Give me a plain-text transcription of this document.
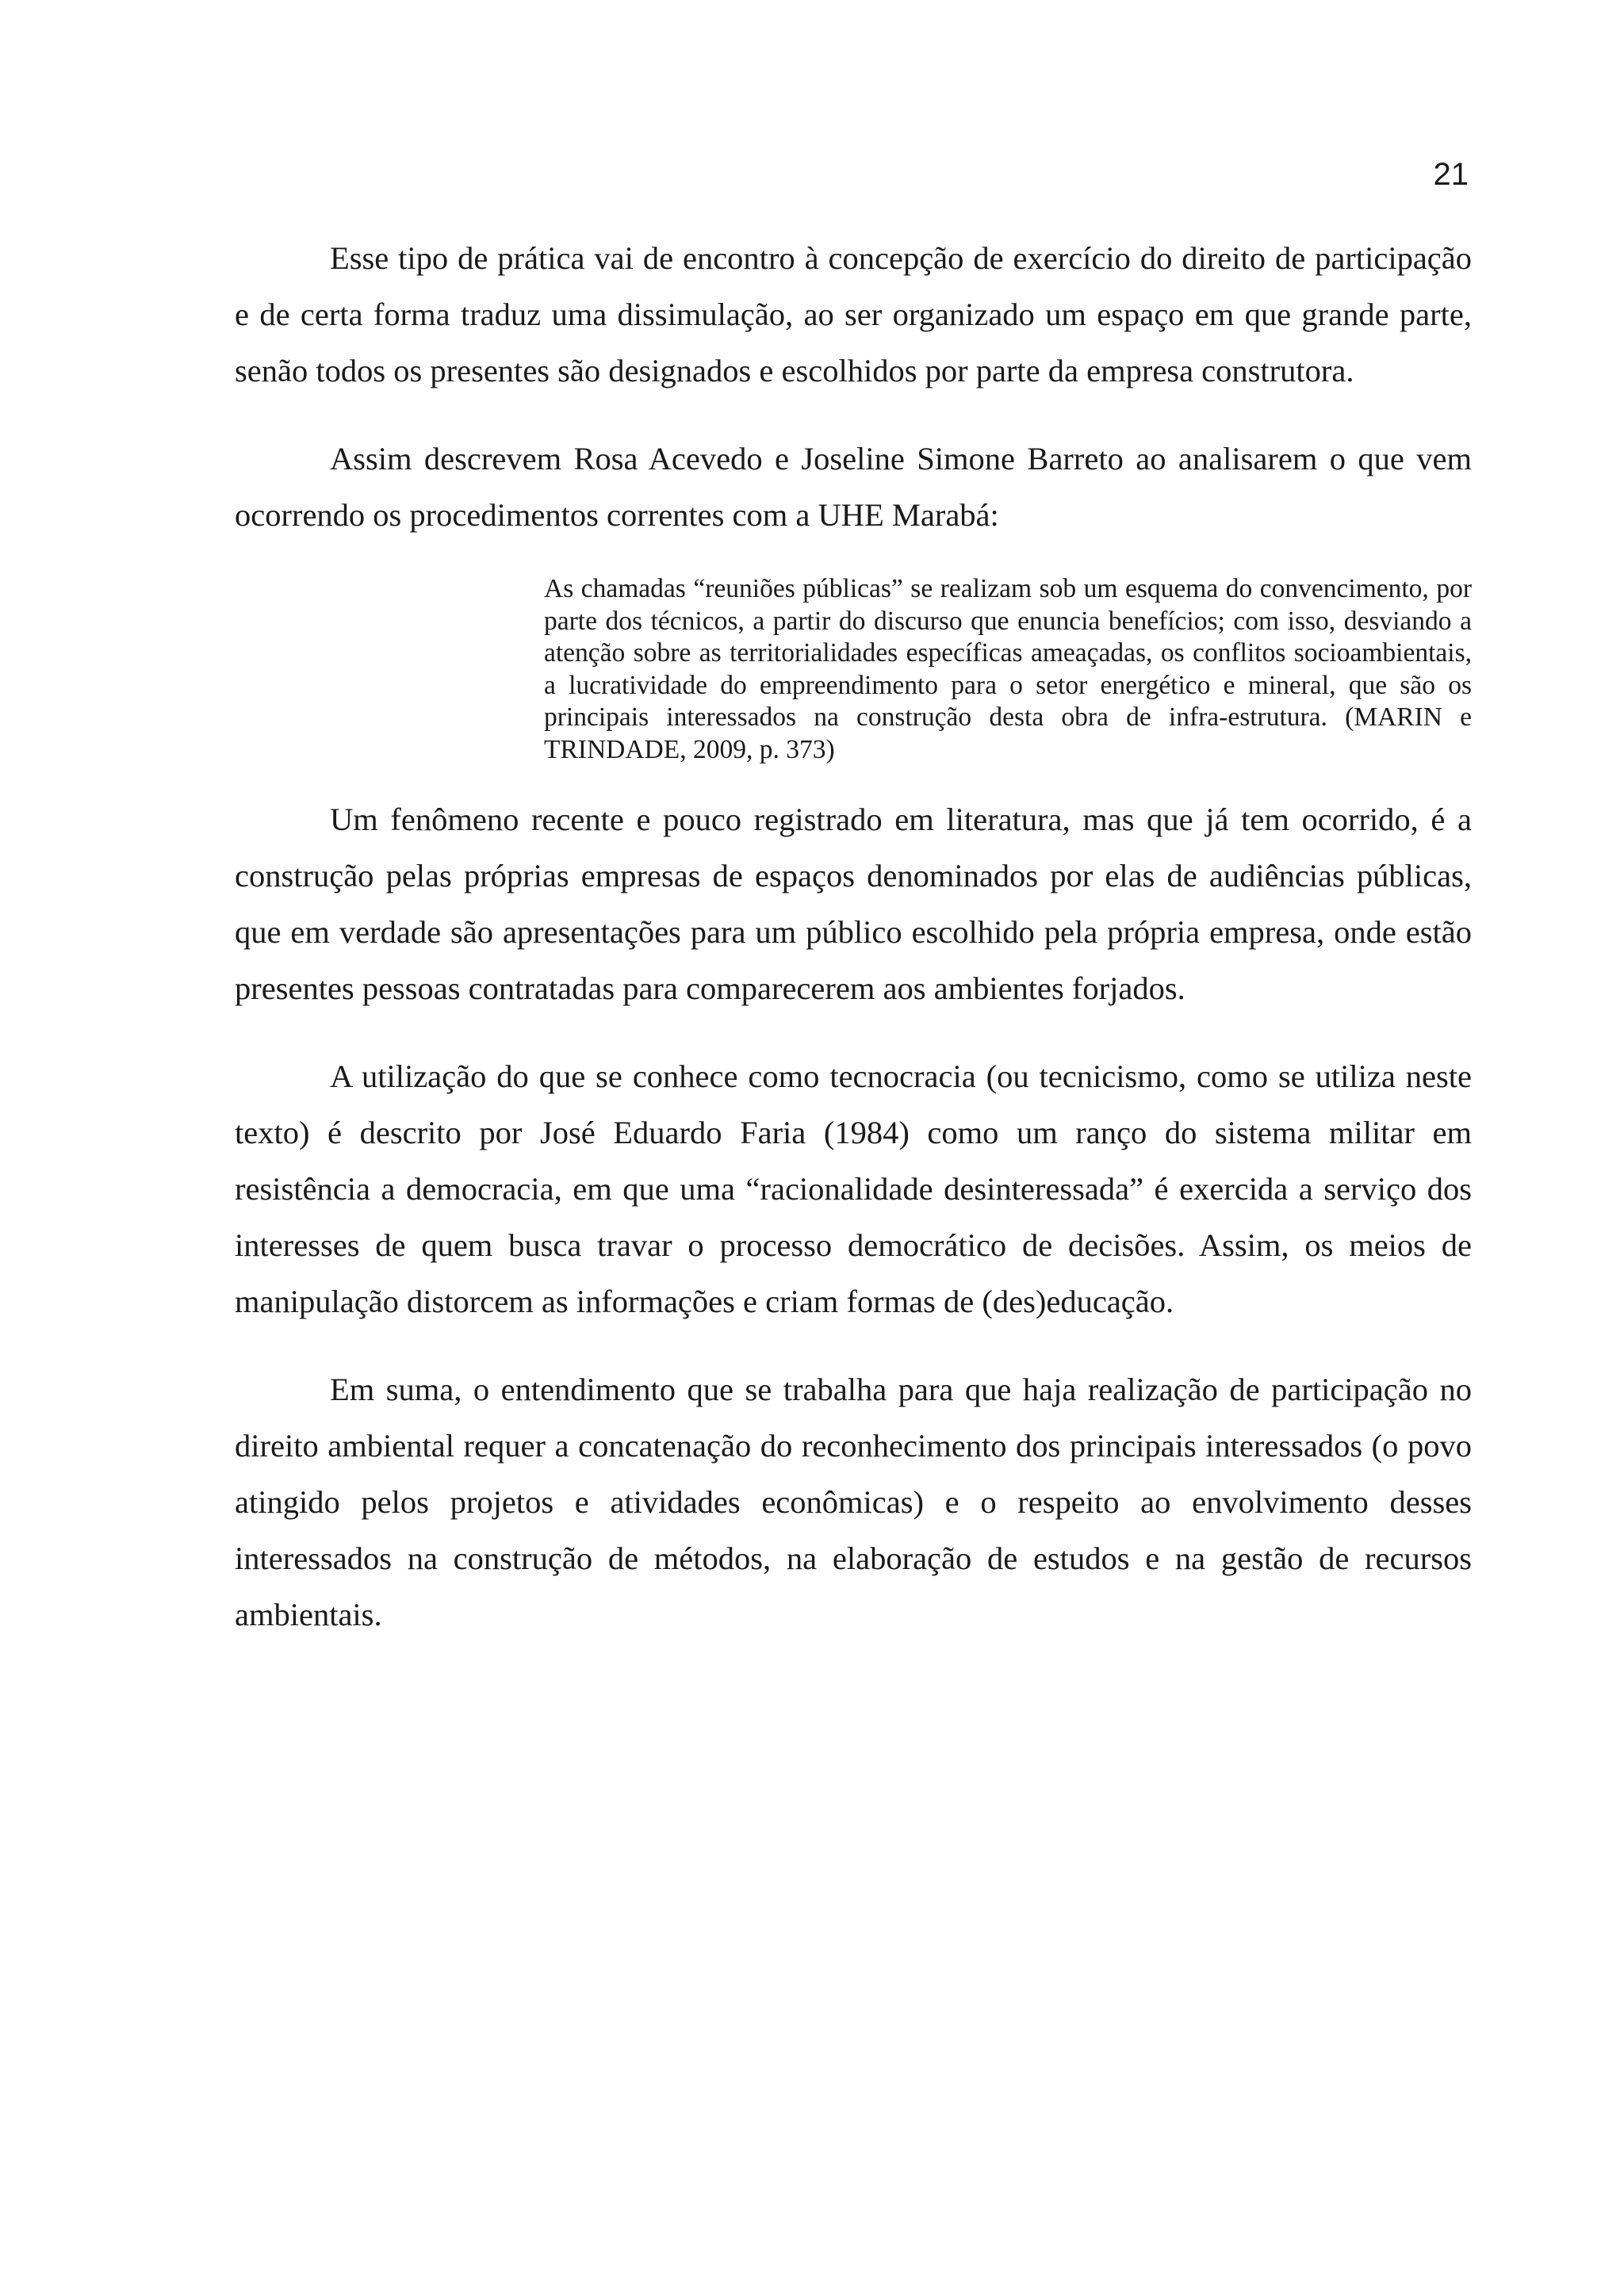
21

Esse tipo de prática vai de encontro à concepção de exercício do direito de participação e de certa forma traduz uma dissimulação, ao ser organizado um espaço em que grande parte, senão todos os presentes são designados e escolhidos por parte da empresa construtora.

Assim descrevem Rosa Acevedo e Joseline Simone Barreto ao analisarem o que vem ocorrendo os procedimentos correntes com a UHE Marabá:

As chamadas “reuniões públicas” se realizam sob um esquema do convencimento, por parte dos técnicos, a partir do discurso que enuncia benefícios; com isso, desviando a atenção sobre as territorialidades específicas ameaçadas, os conflitos socioambientais, a lucratividade do empreendimento para o setor energético e mineral, que são os principais interessados na construção desta obra de infra-estrutura. (MARIN e TRINDADE, 2009, p. 373)

Um fenômeno recente e pouco registrado em literatura, mas que já tem ocorrido, é a construção pelas próprias empresas de espaços denominados por elas de audiências públicas, que em verdade são apresentações para um público escolhido pela própria empresa, onde estão presentes pessoas contratadas para comparecerem aos ambientes forjados.

A utilização do que se conhece como tecnocracia (ou tecnicismo, como se utiliza neste texto) é descrito por José Eduardo Faria (1984) como um ranço do sistema militar em resistência a democracia, em que uma “racionalidade desinteressada” é exercida a serviço dos interesses de quem busca travar o processo democrático de decisões. Assim, os meios de manipulação distorcem as informações e criam formas de (des)educação.

Em suma, o entendimento que se trabalha para que haja realização de participação no direito ambiental requer a concatenação do reconhecimento dos principais interessados (o povo atingido pelos projetos e atividades econômicas) e o respeito ao envolvimento desses interessados na construção de métodos, na elaboração de estudos e na gestão de recursos ambientais.
